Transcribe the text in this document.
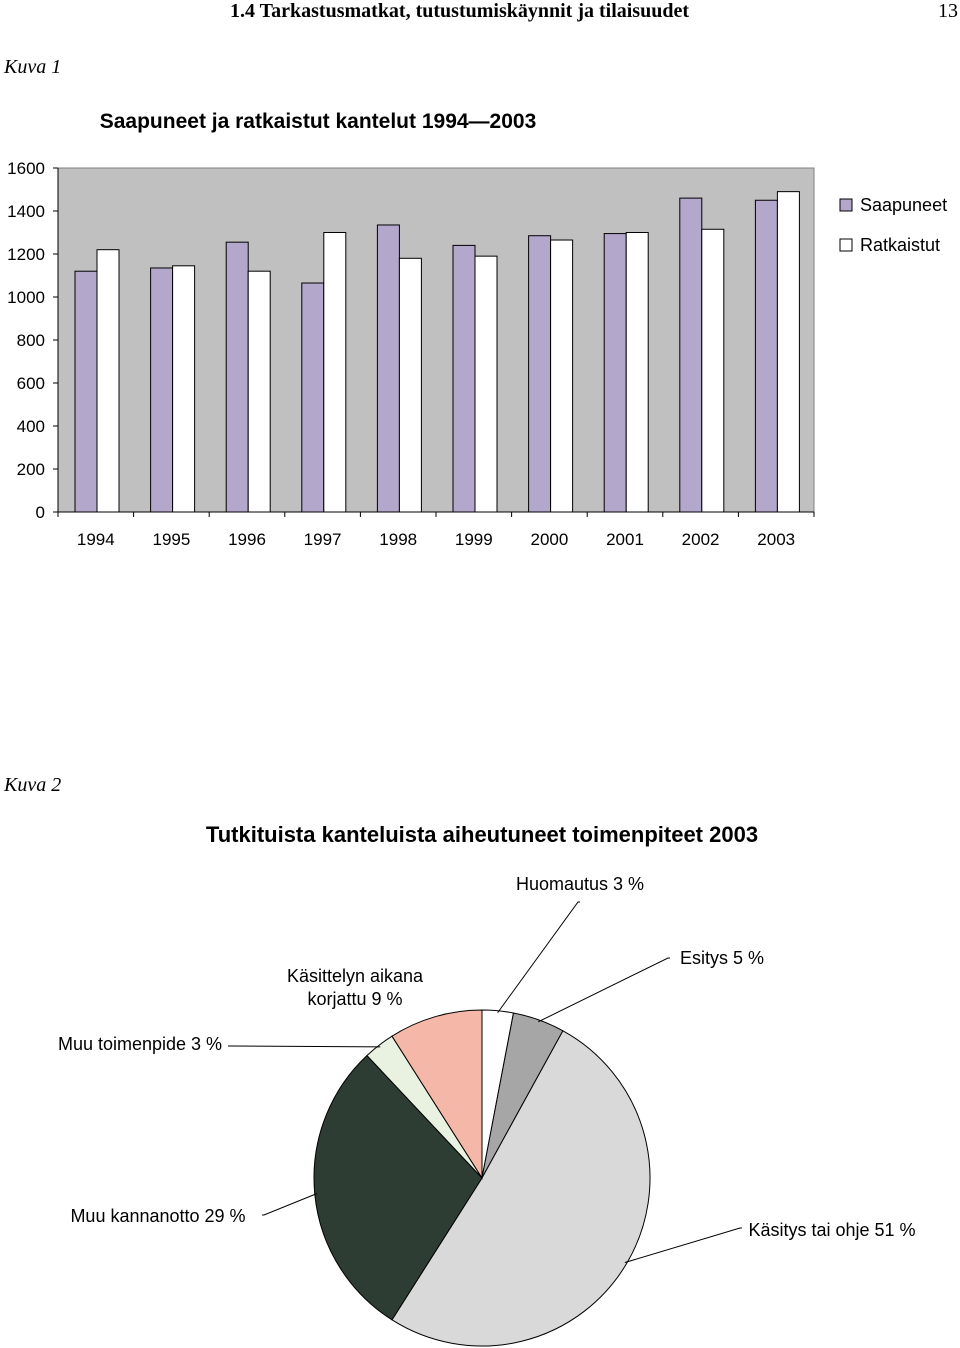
1.4 Tarkastusmatkat, tutustumiskäynnit ja tilaisuudet	13
Kuva 1
Saapuneet ja ratkaistut kantelut 1994—2003
0
200
400
600
800
1000
1200
1400
1600
1994 1995 1996 1997 1998 1999 2000 2001 2002 2003
Saapuneet
Ratkaistut
Kuva 2
Tutkituista kanteluista aiheutuneet toimenpiteet 2003
Huomautus 3 %
Esitys 5 %
Käsitys tai ohje 51 %
Muu kannanotto 29 %
Muu toimenpide 3 %
Käsittelyn aikana korjattu 9 %
